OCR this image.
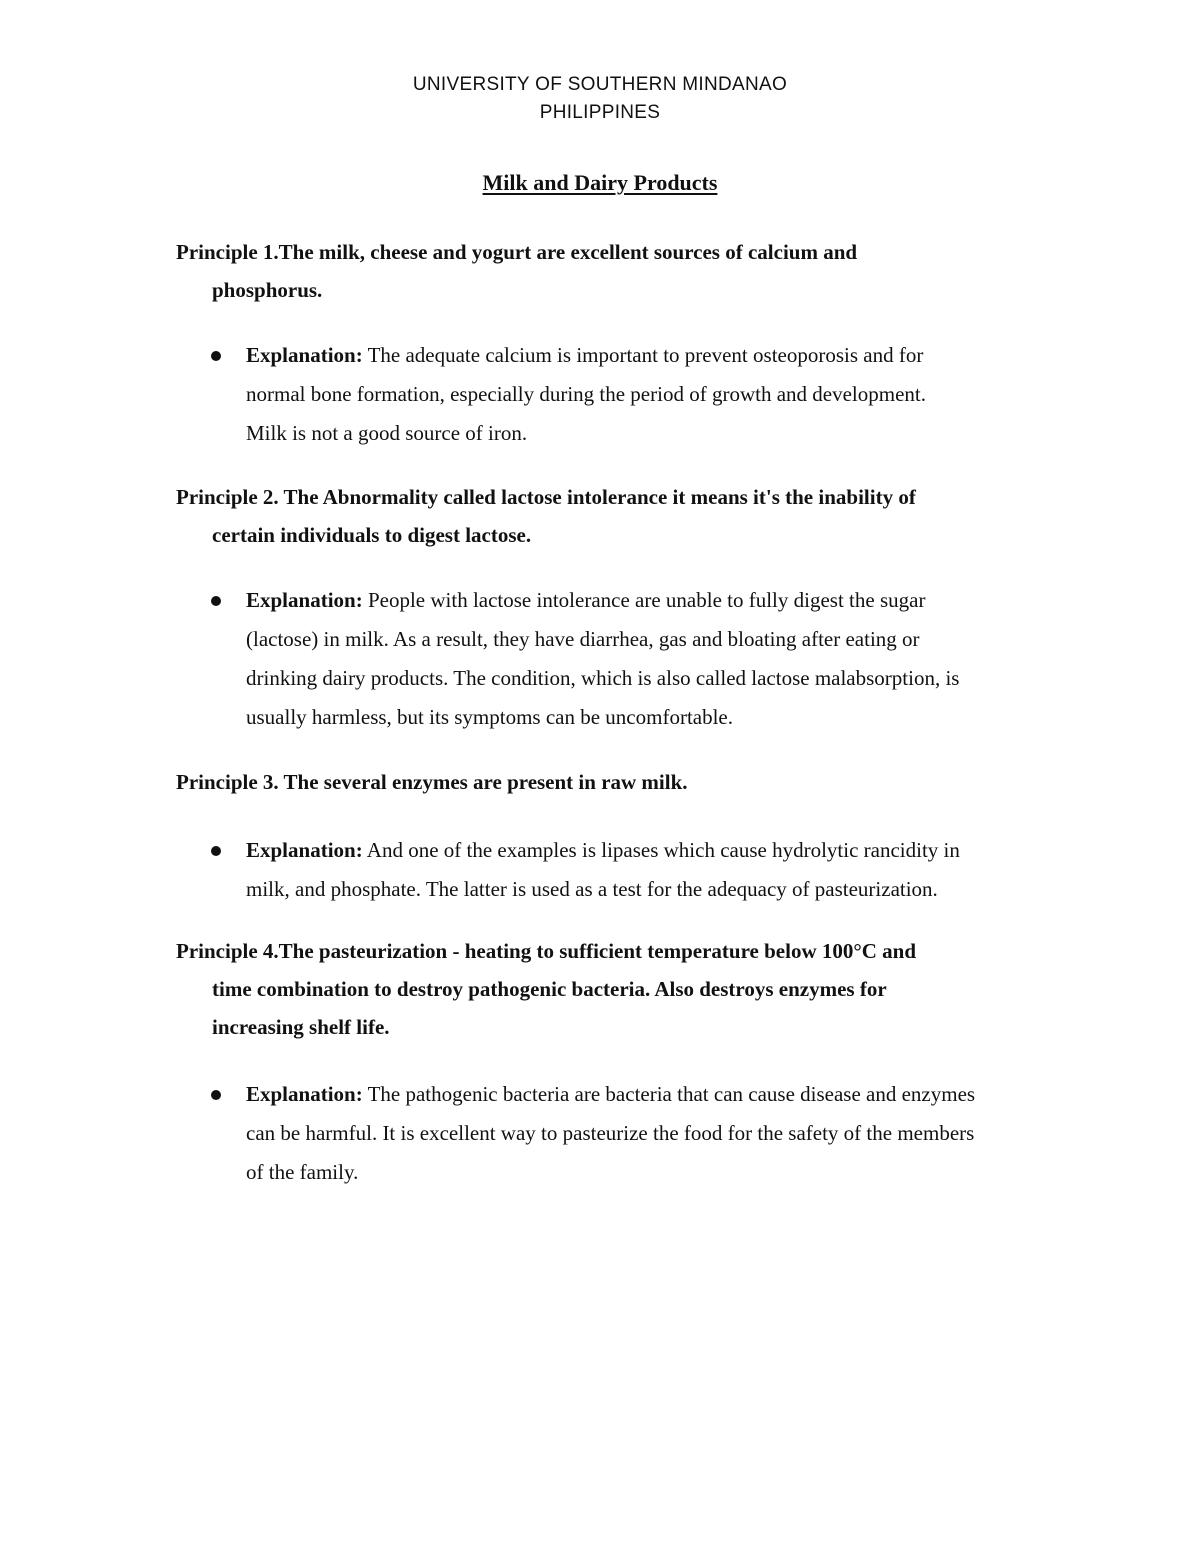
UNIVERSITY OF SOUTHERN MINDANAO
PHILIPPINES
Milk and Dairy Products
Principle 1.The milk, cheese and yogurt are excellent sources of calcium and
phosphorus.
Explanation: The adequate calcium is important to prevent osteoporosis and for
normal bone formation, especially during the period of growth and development.
Milk is not a good source of iron.
Principle 2. The Abnormality called lactose intolerance it means it's the inability of
certain individuals to digest lactose.
Explanation: People with lactose intolerance are unable to fully digest the sugar
(lactose) in milk. As a result, they have diarrhea, gas and bloating after eating or
drinking dairy products. The condition, which is also called lactose malabsorption, is
usually harmless, but its symptoms can be uncomfortable.
Principle 3. The several enzymes are present in raw milk.
Explanation: And one of the examples is lipases which cause hydrolytic rancidity in
milk, and phosphate. The latter is used as a test for the adequacy of pasteurization.
Principle 4.The pasteurization - heating to sufficient temperature below 100°C and
time combination to destroy pathogenic bacteria. Also destroys enzymes for
increasing shelf life.
Explanation: The pathogenic bacteria are bacteria that can cause disease and enzymes
can be harmful. It is excellent way to pasteurize the food for the safety of the members
of the family.
